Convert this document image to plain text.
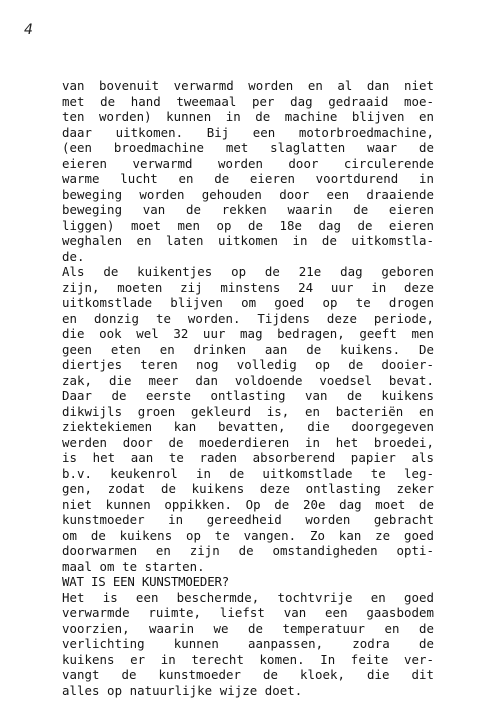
4
van bovenuit verwarmd worden en al dan niet
met de hand tweemaal per dag gedraaid moe-
ten worden) kunnen in de machine blijven en
daar uitkomen. Bij een motorbroedmachine,
(een broedmachine met slaglatten waar de
eieren verwarmd worden door circulerende
warme lucht en de eieren voortdurend in
beweging worden gehouden door een draaiende
beweging van de rekken waarin de eieren
liggen) moet men op de 18e dag de eieren
weghalen en laten uitkomen in de uitkomstla-
de.
Als de kuikentjes op de 21e dag geboren
zijn, moeten zij minstens 24 uur in deze
uitkomstlade blijven om goed op te drogen
en donzig te worden. Tijdens deze periode,
die ook wel 32 uur mag bedragen, geeft men
geen eten en drinken aan de kuikens. De
diertjes teren nog volledig op de dooier-
zak, die meer dan voldoende voedsel bevat.
Daar de eerste ontlasting van de kuikens
dikwijls groen gekleurd is, en bacteriën en
ziektekiemen kan bevatten, die doorgegeven
werden door de moederdieren in het broedei,
is het aan te raden absorberend papier als
b.v. keukenrol in de uitkomstlade te leg-
gen, zodat de kuikens deze ontlasting zeker
niet kunnen oppikken. Op de 20e dag moet de
kunstmoeder in gereedheid worden gebracht
om de kuikens op te vangen. Zo kan ze goed
doorwarmen en zijn de omstandigheden opti-
maal om te starten.
WAT IS EEN KUNSTMOEDER?
Het is een beschermde, tochtvrije en goed
verwarmde ruimte, liefst van een gaasbodem
voorzien, waarin we de temperatuur en de
verlichting kunnen aanpassen, zodra de
kuikens er in terecht komen. In feite ver-
vangt de kunstmoeder de kloek, die dit
alles op natuurlijke wijze doet.
